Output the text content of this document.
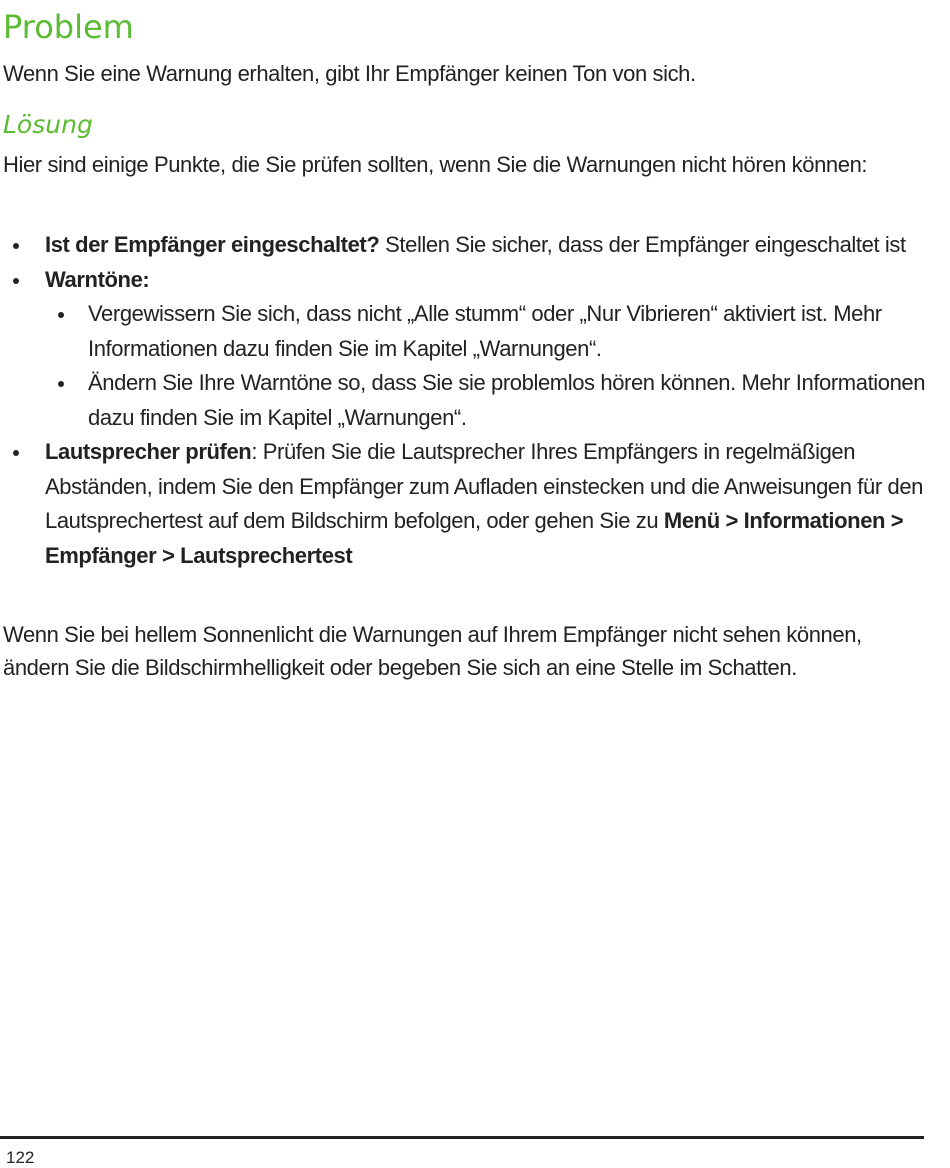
Problem

Wenn Sie eine Warnung erhalten, gibt Ihr Empfänger keinen Ton von sich.

Lösung

Hier sind einige Punkte, die Sie prüfen sollten, wenn Sie die Warnungen nicht hören können:

Ist der Empfänger eingeschaltet? Stellen Sie sicher, dass der Empfänger eingeschaltet ist
Warntöne:
Vergewissern Sie sich, dass nicht „Alle stumm“ oder „Nur Vibrieren“ aktiviert ist. Mehr Informationen dazu finden Sie im Kapitel „Warnungen“.
Ändern Sie Ihre Warntöne so, dass Sie sie problemlos hören können. Mehr Informationen dazu finden Sie im Kapitel „Warnungen“.
Lautsprecher prüfen: Prüfen Sie die Lautsprecher Ihres Empfängers in regelmäßigen Abständen, indem Sie den Empfänger zum Aufladen einstecken und die Anweisungen für den Lautsprechertest auf dem Bildschirm befolgen, oder gehen Sie zu Menü > Informationen > Empfänger > Lautsprechertest

Wenn Sie bei hellem Sonnenlicht die Warnungen auf Ihrem Empfänger nicht sehen können, ändern Sie die Bildschirmhelligkeit oder begeben Sie sich an eine Stelle im Schatten.

122
